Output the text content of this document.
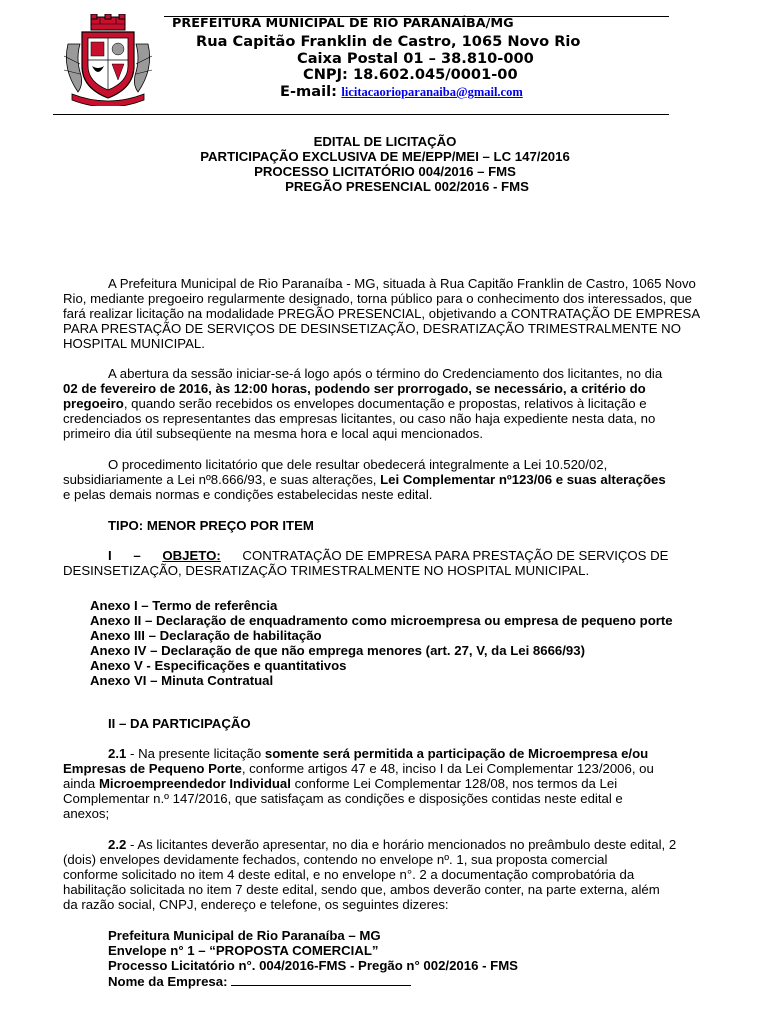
PREFEITURA MUNICIPAL DE RIO PARANAÍBA/MG
Rua Capitão Franklin de Castro, 1065 Novo Rio
Caixa Postal 01 – 38.810-000
CNPJ: 18.602.045/0001-00
E-mail: licitacaorioparanaiba@gmail.com
EDITAL DE LICITAÇÃO
PARTICIPAÇÃO EXCLUSIVA DE ME/EPP/MEI – LC 147/2016
PROCESSO LICITATÓRIO 004/2016 – FMS
PREGÃO PRESENCIAL 002/2016 - FMS
A Prefeitura Municipal de Rio Paranaíba - MG, situada à Rua Capitão Franklin de Castro, 1065 Novo
Rio, mediante pregoeiro regularmente designado, torna público para o conhecimento dos interessados, que
fará realizar licitação na modalidade PREGÃO PRESENCIAL, objetivando a CONTRATAÇÃO DE EMPRESA
PARA PRESTAÇÃO DE SERVIÇOS DE DESINSETIZAÇÃO, DESRATIZAÇÃO TRIMESTRALMENTE NO
HOSPITAL MUNICIPAL.
A abertura da sessão iniciar-se-á logo após o término do Credenciamento dos licitantes, no dia
02 de fevereiro de 2016, às 12:00 horas, podendo ser prorrogado, se necessário, a critério do
pregoeiro, quando serão recebidos os envelopes documentação e propostas, relativos à licitação e
credenciados os representantes das empresas licitantes, ou caso não haja expediente nesta data, no
primeiro dia útil subseqüente na mesma hora e local aqui mencionados.
O procedimento licitatório que dele resultar obedecerá integralmente a Lei 10.520/02,
subsidiariamente a Lei nº8.666/93, e suas alterações, Lei Complementar nº123/06 e suas alterações
e pelas demais normas e condições estabelecidas neste edital.
TIPO: MENOR PREÇO POR ITEM
I – OBJETO: CONTRATAÇÃO DE EMPRESA PARA PRESTAÇÃO DE SERVIÇOS DE
DESINSETIZAÇÃO, DESRATIZAÇÃO TRIMESTRALMENTE NO HOSPITAL MUNICIPAL.
Anexo I – Termo de referência
Anexo II – Declaração de enquadramento como microempresa ou empresa de pequeno porte
Anexo III – Declaração de habilitação
Anexo IV – Declaração de que não emprega menores (art. 27, V, da Lei 8666/93)
Anexo V - Especificações e quantitativos
Anexo VI – Minuta Contratual
II – DA PARTICIPAÇÃO
2.1 - Na presente licitação somente será permitida a participação de Microempresa e/ou
Empresas de Pequeno Porte, conforme artigos 47 e 48, inciso I da Lei Complementar 123/2006, ou
ainda Microempreendedor Individual conforme Lei Complementar 128/08, nos termos da Lei
Complementar n.º 147/2016, que satisfaçam as condições e disposições contidas neste edital e
anexos;
2.2 - As licitantes deverão apresentar, no dia e horário mencionados no preâmbulo deste edital, 2
(dois) envelopes devidamente fechados, contendo no envelope nº. 1, sua proposta comercial
conforme solicitado no item 4 deste edital, e no envelope n°. 2 a documentação comprobatória da
habilitação solicitada no item 7 deste edital, sendo que, ambos deverão conter, na parte externa, além
da razão social, CNPJ, endereço e telefone, os seguintes dizeres:
Prefeitura Municipal de Rio Paranaíba – MG
Envelope n° 1 – “PROPOSTA COMERCIAL”
Processo Licitatório n°. 004/2016-FMS - Pregão n° 002/2016 - FMS
Nome da Empresa:
